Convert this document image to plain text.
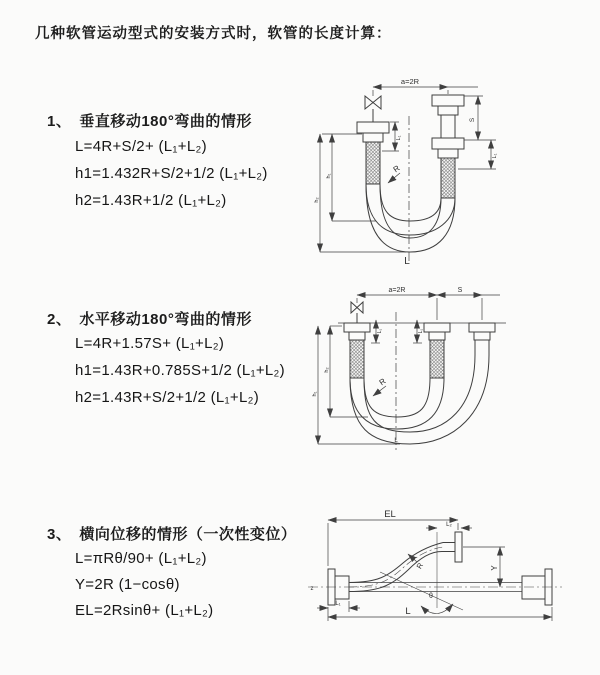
几种软管运动型式的安装方式时，软管的长度计算：
1、 垂直移动180°弯曲的情形
L=4R+S/2+ (L₁+L₂)
h1=1.432R+S/2+1/2 (L₁+L₂)
h2=1.43R+1/2 (L₁+L₂)
a=2R
S
L₁
L₁
h₁
h₂
R
L
2、 水平移动180°弯曲的情形
L=4R+1.57S+ (L₁+L₂)
h1=1.43R+0.785S+1/2 (L₁+L₂)
h2=1.43R+S/2+1/2 (L₁+L₂)
a=2R	S
L₁	L₁
h₂
h₁
R
L
3、 横向位移的情形（一次性变位）
L=πRθ/90+ (L₁+L₂)
Y=2R (1−cosθ)
EL=2Rsinθ+ (L₁+L₂)
EL
L₂
Y
R
θ
L
L₁
z
